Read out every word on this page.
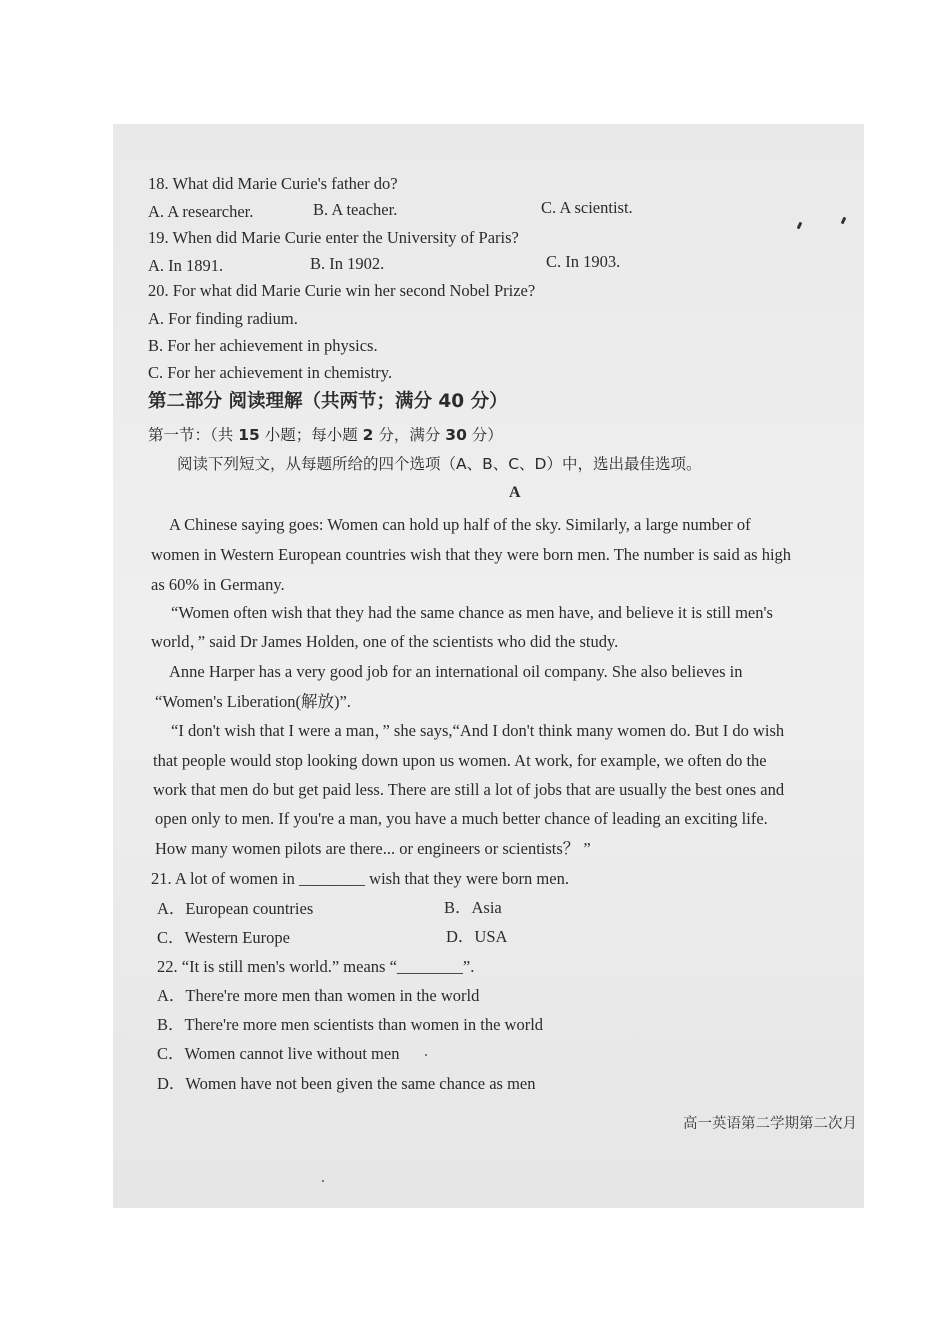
18. What did Marie Curie's father do?
A. A researcher.	B. A teacher.	C. A scientist.
19. When did Marie Curie enter the University of Paris?
A. In 1891.	B. In 1902.	C. In 1903.
20. For what did Marie Curie win her second Nobel Prize?
A. For finding radium.
B. For her achievement in physics.
C. For her achievement in chemistry.
第二部分 阅读理解（共两节；满分 40 分）
第一节：（共 15 小题；每小题 2 分，满分 30 分）
阅读下列短文，从每题所给的四个选项（A、B、C、D）中，选出最佳选项。
A
A Chinese saying goes: Women can hold up half of the sky. Similarly, a large number of
women in Western European countries wish that they were born men. The number is said as high
as 60% in Germany.
“Women often wish that they had the same chance as men have, and believe it is still men's
world，” said Dr James Holden, one of the scientists who did the study.
Anne Harper has a very good job for an international oil company. She also believes in
“Women's Liberation(解放)”.
“I don't wish that I were a man，” she says,“And I don't think many women do. But I do wish
that people would stop looking down upon us women. At work, for example, we often do the
work that men do but get paid less. There are still a lot of jobs that are usually the best ones and
open only to men. If you're a man, you have a much better chance of leading an exciting life.
How many women pilots are there... or engineers or scientists？ ”
21. A lot of women in ________ wish that they were born men.
A．European countries	B．Asia
C．Western Europe	D．USA
22. “It is still men's world.” means “________”.
A．There're more men than women in the world
B．There're more men scientists than women in the world
C．Women cannot live without men
D．Women have not been given the same chance as men
高一英语第二学期第二次月
